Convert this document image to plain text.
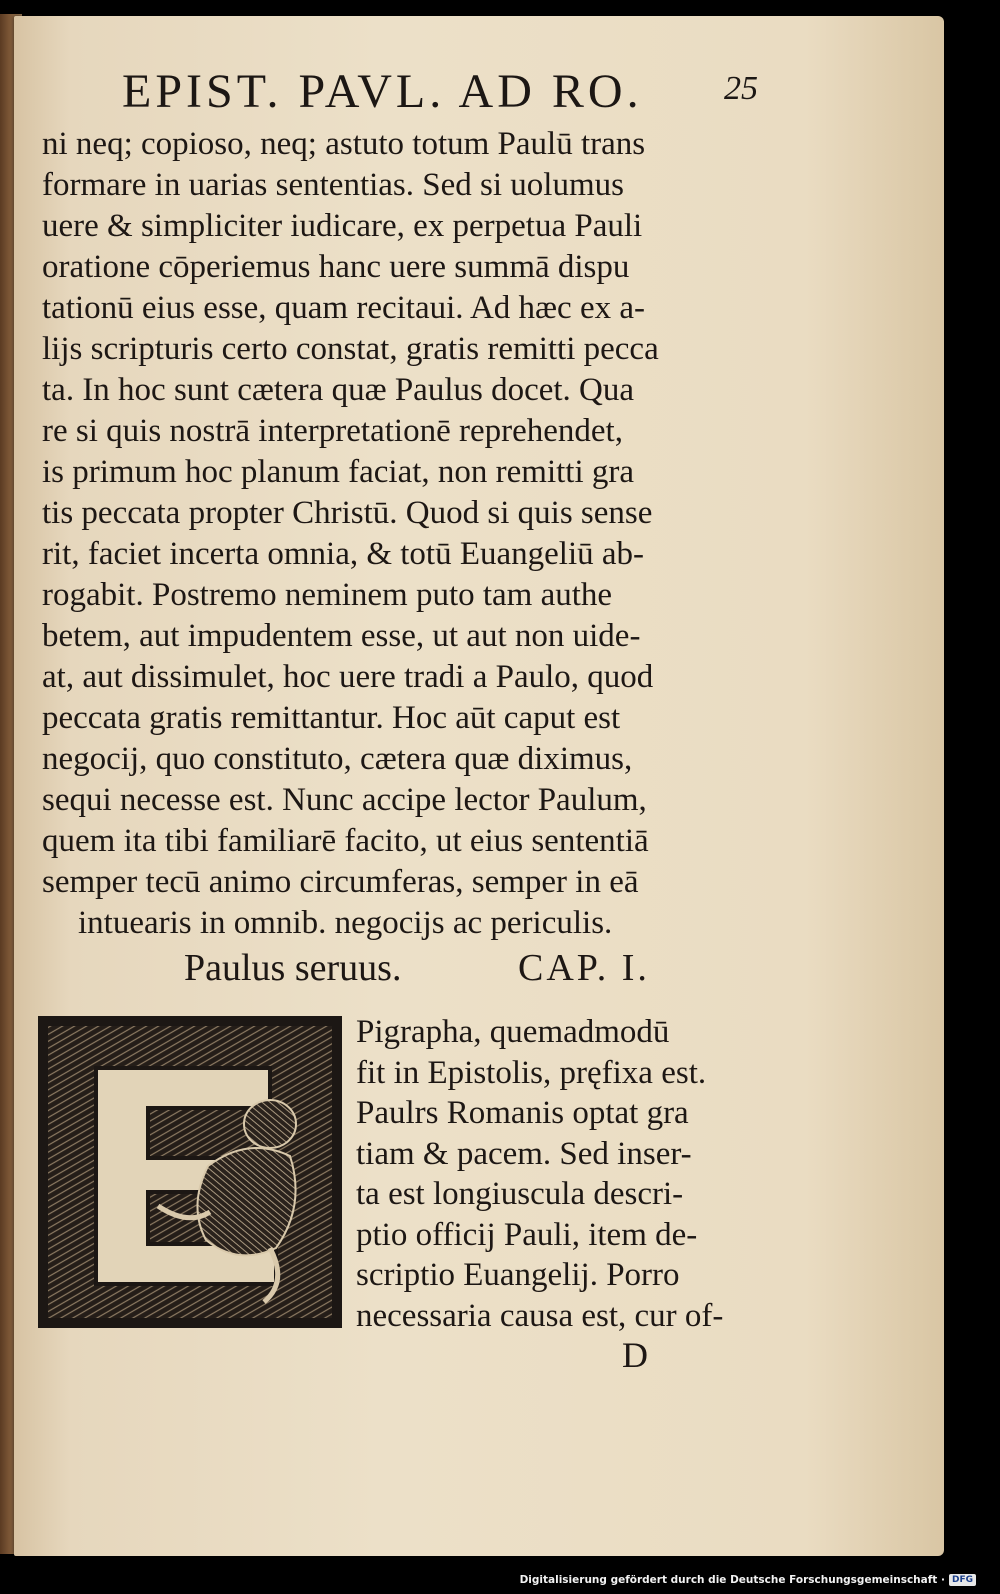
EPIST. PAVL. AD RO. 25
ni neq; copioso, neq; astuto totum Paulū trans
formare in uarias sententias. Sed si uolumus
uere & simpliciter iudicare, ex perpetua Pauli
oratione cōperiemus hanc uere summā dispu
tationū eius esse, quam recitaui. Ad hæc ex a-
lijs scripturis certo constat, gratis remitti pecca
ta. In hoc sunt cætera quæ Paulus docet. Qua
re si quis nostrā interpretationē reprehendet,
is primum hoc planum faciat, non remitti gra
tis peccata propter Christū. Quod si quis sense
rit, faciet incerta omnia, & totū Euangeliū ab-
rogabit. Postremo neminem puto tam authe
betem, aut impudentem esse, ut aut non uide-
at, aut dissimulet, hoc uere tradi a Paulo, quod
peccata gratis remittantur. Hoc aūt caput est
negocij, quo constituto, cætera quæ diximus,
sequi necesse est. Nunc accipe lector Paulum,
quem ita tibi familiarē facito, ut eius sententiā
semper tecū animo circumferas, semper in eā
intuearis in omnib. negocijs ac periculis.
Paulus seruus.	CAP. I.
Pigrapha, quemadmodū
fit in Epistolis, pręfixa est.
Paulrs Romanis optat gra
tiam & pacem. Sed inser-
ta est longiuscula descri-
ptio officij Pauli, item de-
scriptio Euangelij. Porro
necessaria causa est, cur of-
D
Digitalisierung gefördert durch die Deutsche Forschungsgemeinschaft · DFG
